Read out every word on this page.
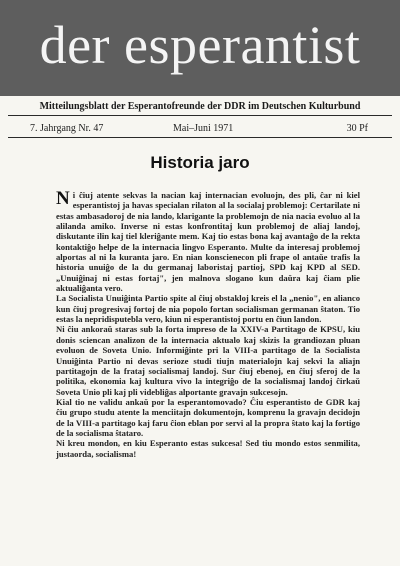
der esperantist
Mitteilungsblatt der Esperantofreunde der DDR im Deutschen Kulturbund
7. Jahrgang Nr. 47	Mai–Juni 1971	30 Pf
Historia jaro

Ni ĉiuj atente sekvas la nacian kaj internacian evoluojn, des pli, ĉar ni kiel esperantistoj ja havas specialan rilaton al la socialaj problemoj: Certarilate ni estas ambasadoroj de nia lando, klarigante la problemojn de nia nacia evoluo al la alilanda amiko. Inverse ni estas konfrontitaj kun problemoj de aliaj landoj, diskutante ilin kaj tiel kleriĝante mem. Kaj tio estas bona kaj avantaĝo de la rekta kontaktiĝo helpe de la internacia lingvo Esperanto. Multe da interesaj problemoj alportas al ni la kuranta jaro. En nian konscienecon pli frape ol antaŭe trafis la historia unuiĝo de la du germanaj laboristaj partioj, SPD kaj KPD al SED. „Unuiĝinaj ni estas fortaj", jen malnova slogano kun daŭra kaj ĉiam plie aktualiĝanta vero.

La Socialista Unuiĝinta Partio spite al ĉiuj obstakloj kreis el la „nenio", en alianco kun ĉiuj progresivaj fortoj de nia popolo fortan socialisman germanan ŝtaton. Tio estas la nepridisputebla vero, kiun ni esperantistoj portu en ĉiun landon.

Ni ĉiu ankoraŭ staras sub la forta impreso de la XXIV-a Partitago de KPSU, kiu donis sciencan analizon de la internacia aktualo kaj skizis la grandiozan pluan evoluon de Soveta Unio. Informiĝinte pri la VIII-a partitago de la Socialista Unuiĝinta Partio ni devas serioze studi tiujn materialojn kaj sekvi la aliajn partitagojn de la frataj socialismaj landoj. Sur ĉiuj ebenoj, en ĉiuj sferoj de la politika, ekonomia kaj kultura vivo la integriĝo de la socialismaj landoj ĉirkaŭ Soveta Unio pli kaj pli videbliĝas alportante gravajn sukcesojn.

Kial tio ne validu ankaŭ por la esperantomovado? Ĉiu esperantisto de GDR kaj ĉiu grupo studu atente la menciitajn dokumentojn, komprenu la gravajn decidojn de la VIII-a partitago kaj faru ĉion eblan por servi al la propra ŝtato kaj la fortigo de la socialisma ŝtataro.

Ni kreu mondon, en kiu Esperanto estas sukcesa! Sed tiu mondo estos senmilita, justaorda, socialisma!
